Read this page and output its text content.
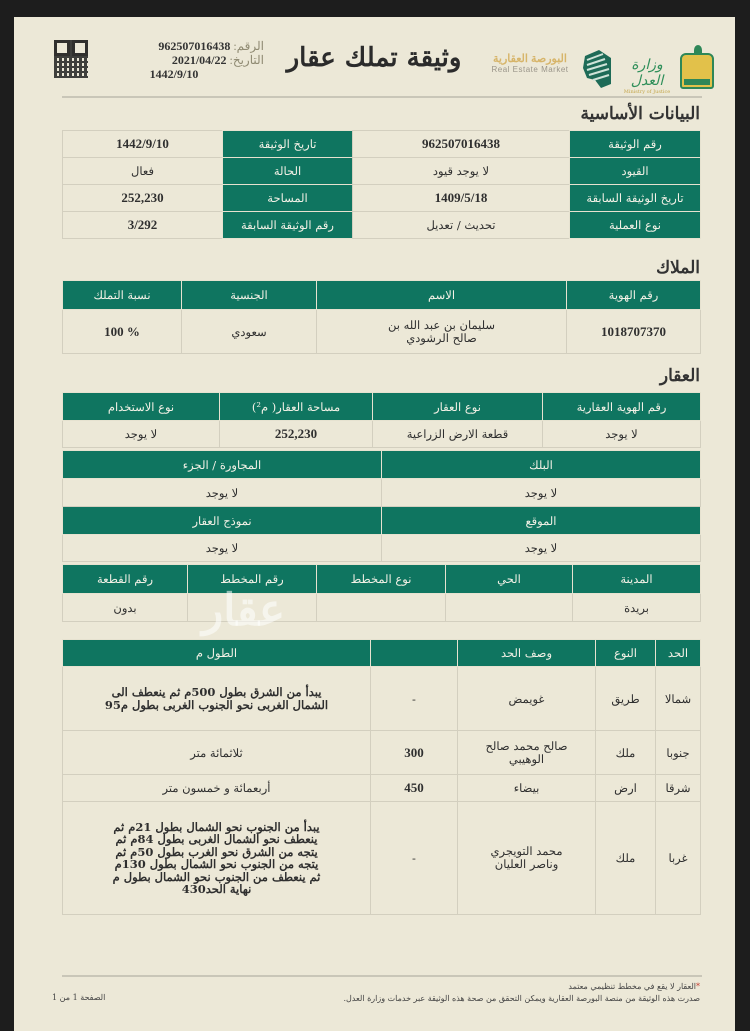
الرقم: 962507016438
التاريخ: 2021/04/22
1442/9/10
وثيقة تملك عقار	البورصة العقارية
Real Estate Market	وزارة العدل
Ministry of Justice
البيانات الأساسية
رقم الوثيقة	962507016438	تاريخ الوثيقة	1442/9/10
القيود	لا يوجد قيود	الحالة	فعال
تاريخ الوثيقة السابقة	1409/5/18	المساحة	252,230
نوع العملية	تحديث / تعديل	رقم الوثيقة السابقة	3/292
الملاك
رقم الهوية	الاسم	الجنسية	نسبة التملك
1018707370	سليمان بن عبد الله بن صالح الرشودي	سعودي	% 100
العقار
رقم الهوية العقارية	نوع العقار	مساحة العقار( م²)	نوع الاستخدام
لا يوجد	قطعة الارض الزراعية	252,230	لا يوجد
البلك	المجاورة / الجزء
لا يوجد	لا يوجد
الموقع	نموذج العقار
لا يوجد	لا يوجد
المدينة	الحي	نوع المخطط	رقم المخطط	رقم القطعة
بريدة				بدون عقار
الحد	النوع	وصف الحد		الطول م
شمالا	طريق	غويمض	-	يبدأ من الشرق بطول 500م ثم ينعطف الى الشمال الغربى نحو الجنوب الغربى بطول م95
جنوبا	ملك	صالح محمد صالح الوهيبي	300	ثلاثمائة متر
شرقا	ارض	بيضاء	450	أربعمائة و خمسون متر
غربا	ملك	محمد التويجري وناصر العليان	-	يبدأ من الجنوب نحو الشمال بطول 21م ثم ينعطف نحو الشمال الغربى بطول 84م ثم يتجه من الشرق نحو الغرب بطول 50م ثم يتجه من الجنوب نحو الشمال بطول 130م ثم ينعطف من الجنوب نحو الشمال بطول م نهاية الحد430
*العقار لا يقع في مخطط تنظيمي معتمد
صدرت هذه الوثيقة من منصة البورصة العقارية ويمكن التحقق من صحة هذه الوثيقة عبر خدمات وزارة العدل.
الصفحة 1 من 1
